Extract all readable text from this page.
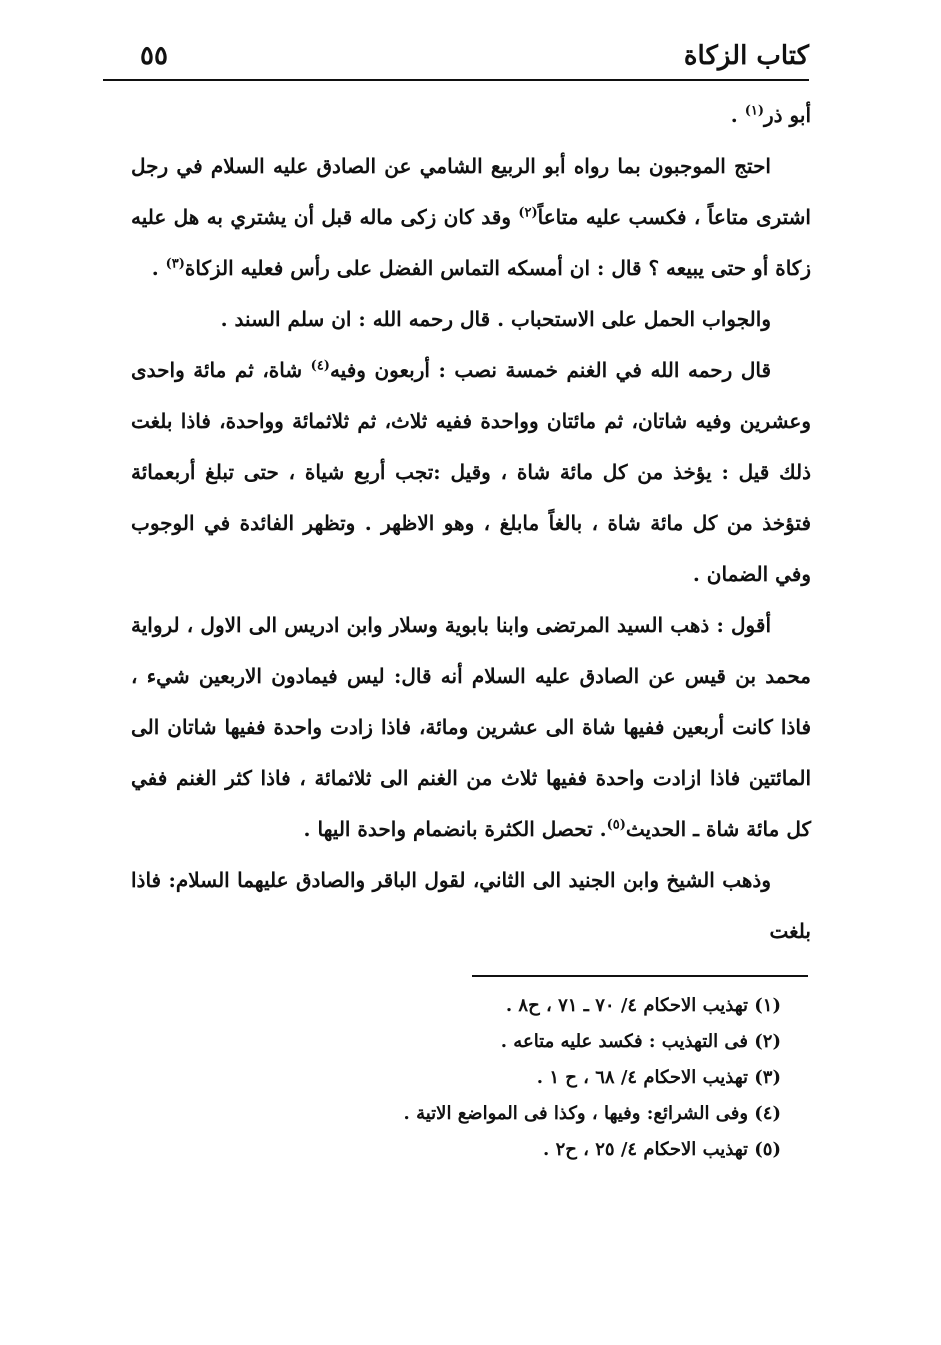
كتاب الزكاة
٥٥

أبو ذر$^{(١)}$ .

احتج الموجبون بما رواه أبو الربيع الشامي عن الصادق عليه السلام في رجل اشترى متاعاً ، فكسب عليه متاعاً$^{(٢)}$ وقد كان زكى ماله قبل أن يشتري به هل عليه زكاة أو حتى يبيعه ؟ قال : ان أمسكه التماس الفضل على رأس فعليه الزكاة$^{(٣)}$ .

والجواب الحمل على الاستحباب . قال رحمه الله : ان سلم السند .

قال رحمه الله في الغنم خمسة نصب : أربعون وفيه$^{(٤)}$ شاة، ثم مائة واحدى وعشرين وفيه شاتان، ثم مائتان وواحدة ففيه ثلاث، ثم ثلاثمائة وواحدة، فاذا بلغت ذلك قيل : يؤخذ من كل مائة شاة ، وقيل :تجب أربع شياة ، حتى تبلغ أربعمائة فتؤخذ من كل مائة شاة ، بالغاً مابلغ ، وهو الاظهر . وتظهر الفائدة في الوجوب وفي الضمان .

أقول : ذهب السيد المرتضى وابنا بابوية وسلار وابن ادريس الى الاول ، لرواية محمد بن قيس عن الصادق عليه السلام أنه قال: ليس فيمادون الاربعين شيء ، فاذا كانت أربعين ففيها شاة الى عشرين ومائة، فاذا زادت واحدة ففيها شاتان الى المائتين فاذا ازادت واحدة ففيها ثلاث من الغنم الى ثلاثمائة ، فاذا كثر الغنم ففي كل مائة شاة ـ الحديث$^{(٥)}$. تحصل الكثرة بانضمام واحدة اليها .

وذهب الشيخ وابن الجنيد الى الثاني، لقول الباقر والصادق عليهما السلام: فاذا بلغت

(١) تهذيب الاحكام ٤/ ٧٠ ـ ٧١ ، ح٨ .
(٢) فى التهذيب : فكسد عليه متاعه .
(٣) تهذيب الاحكام ٤/ ٦٨ ، ح ١ .
(٤) وفى الشرائع: وفيها ، وكذا فى المواضع الاتية .
(٥) تهذيب الاحكام ٤/ ٢٥ ، ح٢ .
